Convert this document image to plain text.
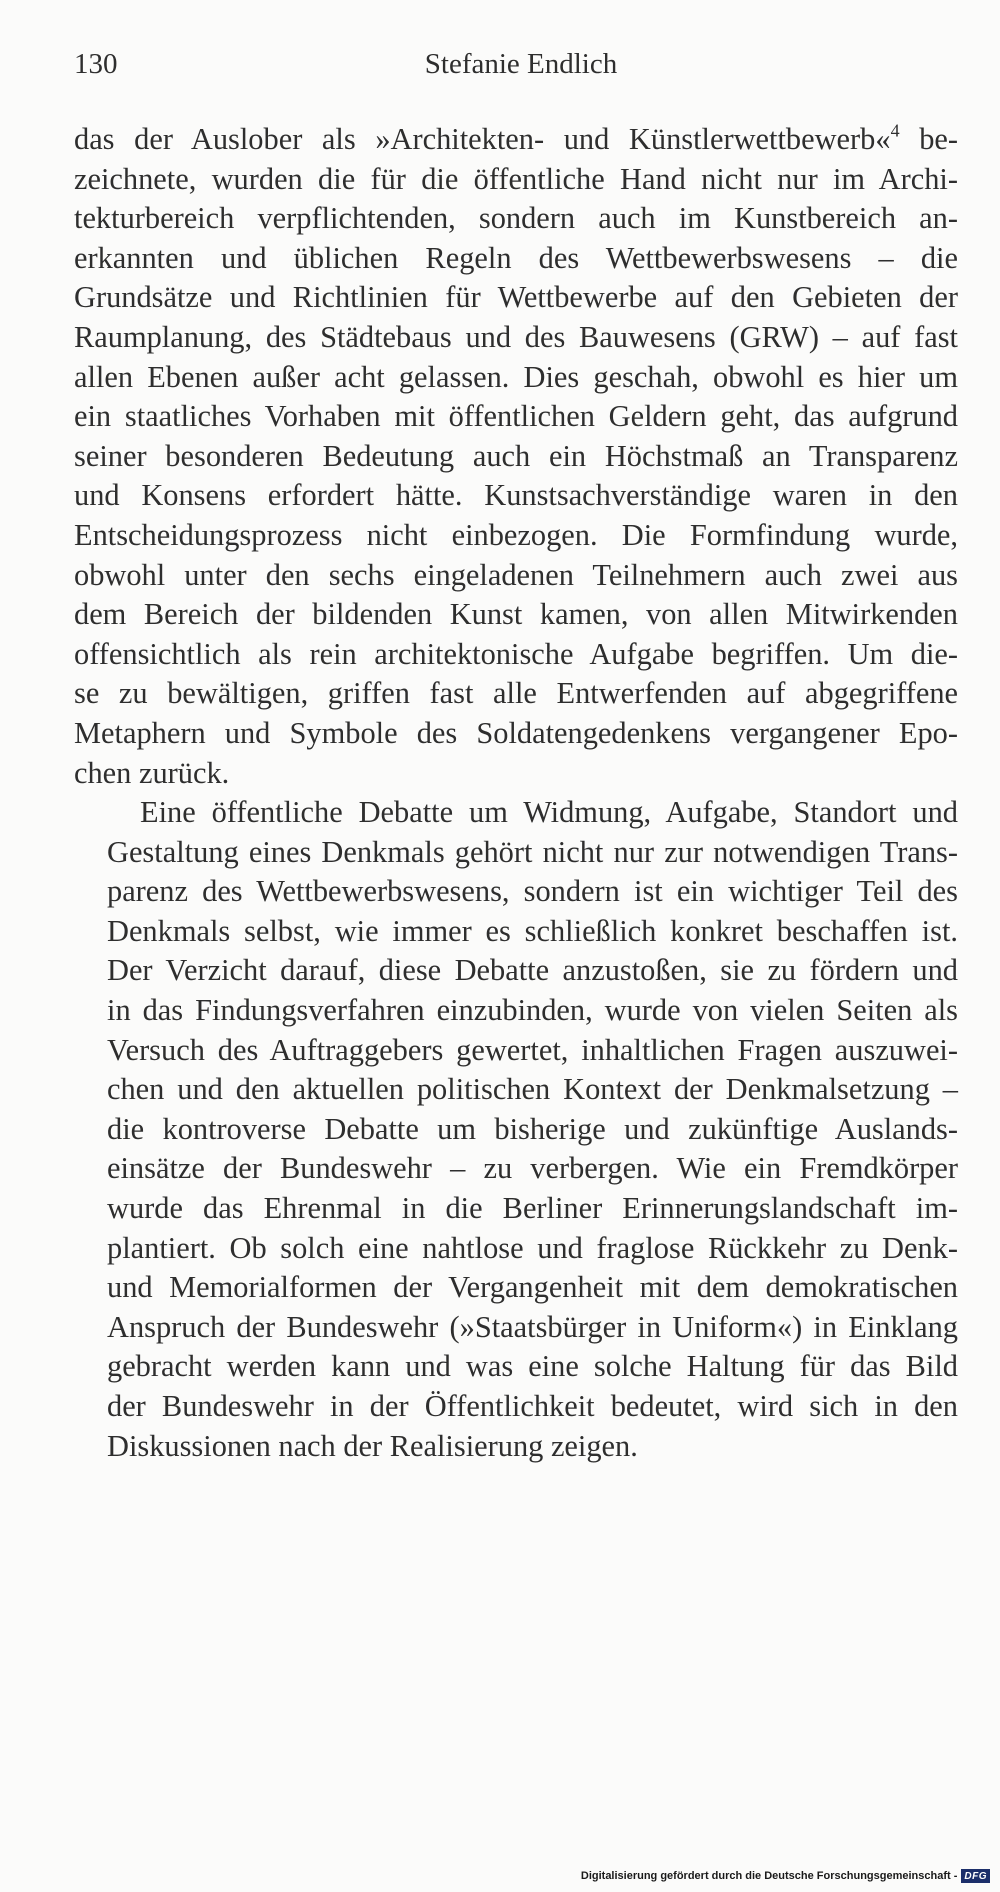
130	Stefanie Endlich

das der Auslober als »Architekten- und Künstlerwettbewerb«$^4$ be-
zeichnete, wurden die für die öffentliche Hand nicht nur im Archi-
tekturbereich verpflichtenden, sondern auch im Kunstbereich an-
erkannten und üblichen Regeln des Wettbewerbswesens – die
Grundsätze und Richtlinien für Wettbewerbe auf den Gebieten der
Raumplanung, des Städtebaus und des Bauwesens (GRW) – auf fast
allen Ebenen außer acht gelassen. Dies geschah, obwohl es hier um
ein staatliches Vorhaben mit öffentlichen Geldern geht, das aufgrund
seiner besonderen Bedeutung auch ein Höchstmaß an Transparenz
und Konsens erfordert hätte. Kunstsachverständige waren in den
Entscheidungsprozess nicht einbezogen. Die Formfindung wurde,
obwohl unter den sechs eingeladenen Teilnehmern auch zwei aus
dem Bereich der bildenden Kunst kamen, von allen Mitwirkenden
offensichtlich als rein architektonische Aufgabe begriffen. Um die-
se zu bewältigen, griffen fast alle Entwerfenden auf abgegriffene
Metaphern und Symbole des Soldatengedenkens vergangener Epo-
chen zurück.

Eine öffentliche Debatte um Widmung, Aufgabe, Standort und
Gestaltung eines Denkmals gehört nicht nur zur notwendigen Trans-
parenz des Wettbewerbswesens, sondern ist ein wichtiger Teil des
Denkmals selbst, wie immer es schließlich konkret beschaffen ist.
Der Verzicht darauf, diese Debatte anzustoßen, sie zu fördern und
in das Findungsverfahren einzubinden, wurde von vielen Seiten als
Versuch des Auftraggebers gewertet, inhaltlichen Fragen auszuwei-
chen und den aktuellen politischen Kontext der Denkmalsetzung –
die kontroverse Debatte um bisherige und zukünftige Auslands-
einsätze der Bundeswehr – zu verbergen. Wie ein Fremdkörper
wurde das Ehrenmal in die Berliner Erinnerungslandschaft im-
plantiert. Ob solch eine nahtlose und fraglose Rückkehr zu Denk-
und Memorialformen der Vergangenheit mit dem demokratischen
Anspruch der Bundeswehr (»Staatsbürger in Uniform«) in Einklang
gebracht werden kann und was eine solche Haltung für das Bild
der Bundeswehr in der Öffentlichkeit bedeutet, wird sich in den
Diskussionen nach der Realisierung zeigen.

Digitalisierung gefördert durch die Deutsche Forschungsgemeinschaft - DFG
